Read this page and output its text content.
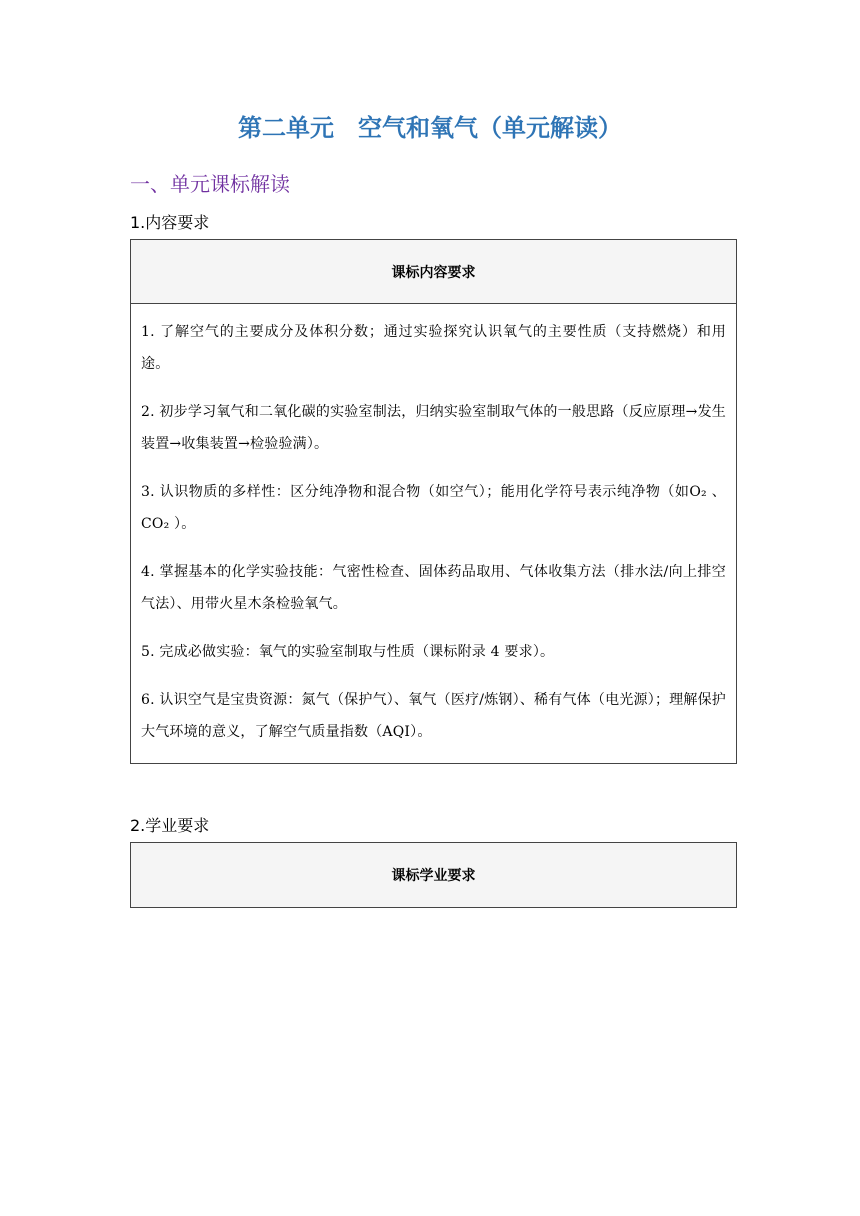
第二单元　空气和氧气（单元解读）
一、单元课标解读
1.内容要求
课标内容要求
1. 了解空气的主要成分及体积分数；通过实验探究认识氧气的主要性质（支持燃烧）和用途。
2. 初步学习氧气和二氧化碳的实验室制法，归纳实验室制取气体的一般思路（反应原理→发生装置→收集装置→检验验满）。
3. 认识物质的多样性：区分纯净物和混合物（如空气）；能用化学符号表示纯净物（如O₂ 、CO₂ ）。
4. 掌握基本的化学实验技能：气密性检查、固体药品取用、气体收集方法（排水法/向上排空气法）、用带火星木条检验氧气。
5. 完成必做实验：氧气的实验室制取与性质（课标附录 4 要求）。
6. 认识空气是宝贵资源：氮气（保护气）、氧气（医疗/炼钢）、稀有气体（电光源）；理解保护大气环境的意义，了解空气质量指数（AQI）。
2.学业要求
课标学业要求
